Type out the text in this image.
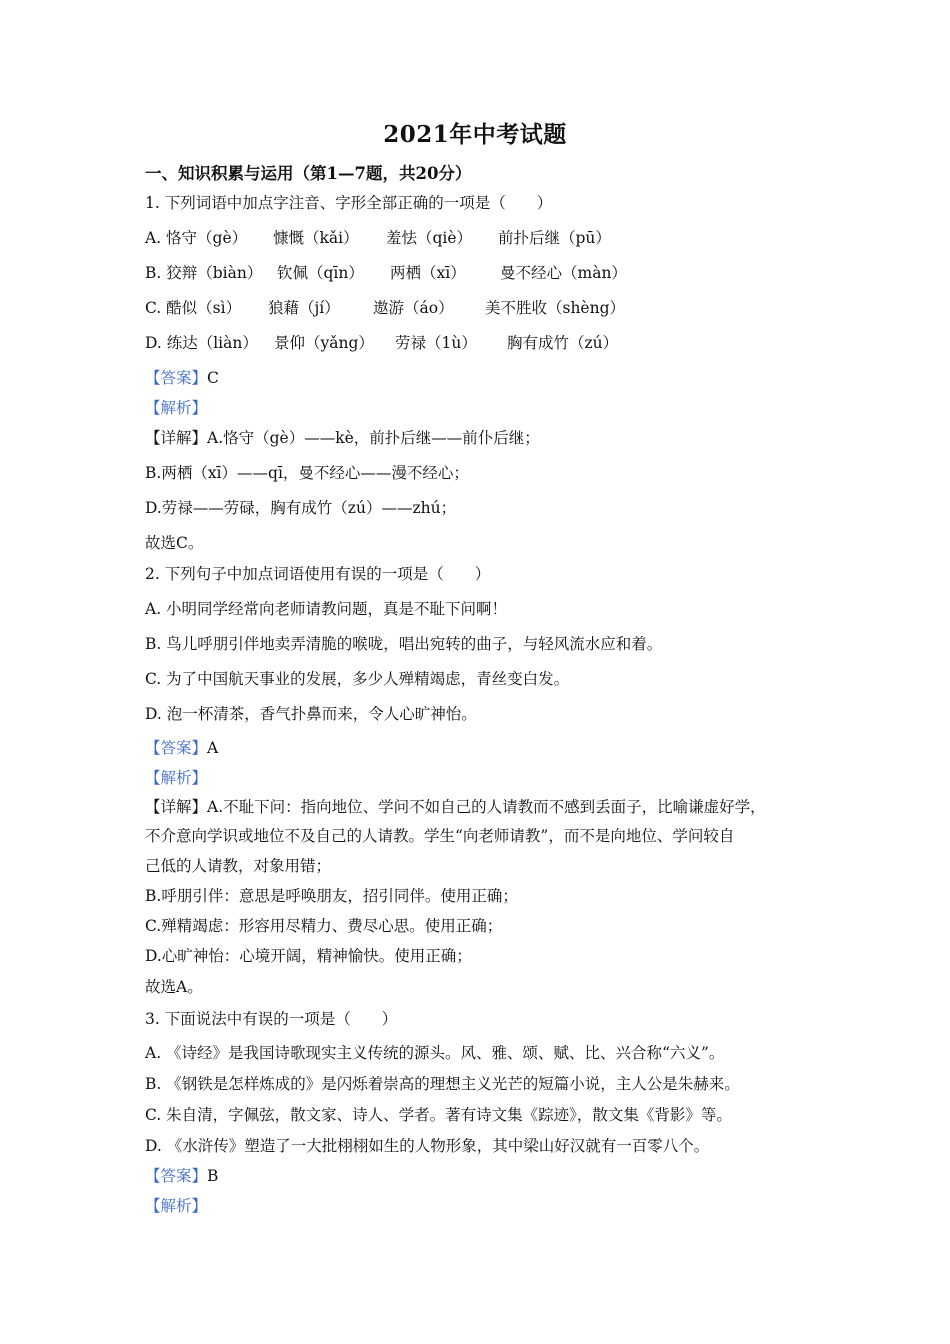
2021年中考试题
一、知识积累与运用（第1—7题，共20分）
1. 下列词语中加点字注音、字形全部正确的一项是（　　）
A. 恪守（gè） 慷慨（kǎi） 羞怯（qiè） 前扑后继（pū）
B. 狡辩（biàn） 钦佩（qīn） 两栖（xī） 曼不经心（màn）
C. 酷似（sì） 狼藉（jí） 遨游（áo） 美不胜收（shèng）
D. 练达（liàn） 景仰（yǎng） 劳禄（1ù） 胸有成竹（zú）
【答案】C
【解析】
【详解】A.恪守（gè）——kè，前扑后继——前仆后继；
B.两栖（xī）——qī，曼不经心——漫不经心；
D.劳禄——劳碌，胸有成竹（zú）——zhú；
故选C。
2. 下列句子中加点词语使用有误的一项是（　　）
A. 小明同学经常向老师请教问题，真是不耻下问啊！
B. 鸟儿呼朋引伴地卖弄清脆的喉咙，唱出宛转的曲子，与轻风流水应和着。
C. 为了中国航天事业的发展，多少人殚精竭虑，青丝变白发。
D. 泡一杯清茶，香气扑鼻而来，令人心旷神怡。
【答案】A
【解析】
【详解】A.不耻下问：指向地位、学问不如自己的人请教而不感到丢面子，比喻谦虚好学，
不介意向学识或地位不及自己的人请教。学生“向老师请教”，而不是向地位、学问较自
己低的人请教，对象用错；
B.呼朋引伴：意思是呼唤朋友，招引同伴。使用正确；
C.殚精竭虑：形容用尽精力、费尽心思。使用正确；
D.心旷神怡：心境开阔，精神愉快。使用正确；
故选A。
3. 下面说法中有误的一项是（　　）
A. 《诗经》是我国诗歌现实主义传统的源头。风、雅、颂、赋、比、兴合称“六义”。
B. 《钢铁是怎样炼成的》是闪烁着崇高的理想主义光芒的短篇小说，主人公是朱赫来。
C. 朱自清，字佩弦，散文家、诗人、学者。著有诗文集《踪迹》，散文集《背影》等。
D. 《水浒传》塑造了一大批栩栩如生的人物形象，其中梁山好汉就有一百零八个。
【答案】B
【解析】
